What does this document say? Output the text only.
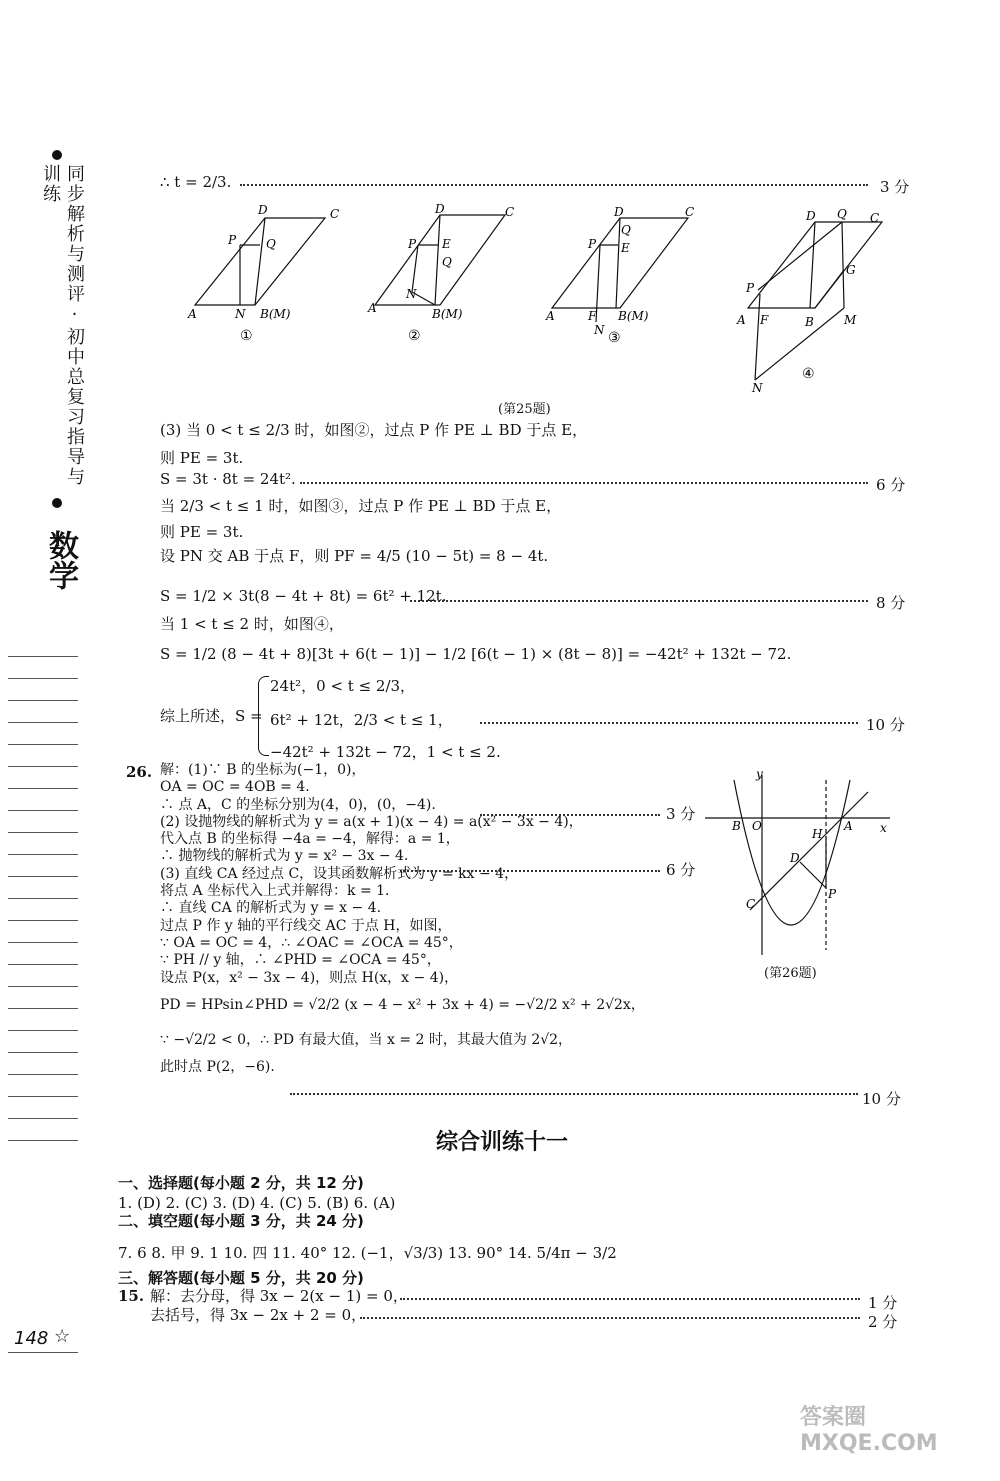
同步解析与测评·初中总复习指导与训练
数学
∴ t = 2/3.	3 分
A	N B(M)
D	C
P Q
①
A	B(M)
D	C
P E
Q
N
②
A	F
N
B(M)
D	C
P
Q
E
③
A F	B	M
D Q C
P
G
N
④
(第25题)
(3) 当 0 < t ≤ 2/3 时，如图②，过点 P 作 PE ⊥ BD 于点 E，
则 PE = 3t.
S = 3t · 8t = 24t².	6 分
当 2/3 < t ≤ 1 时，如图③，过点 P 作 PE ⊥ BD 于点 E，
则 PE = 3t.
设 PN 交 AB 于点 F，则 PF = 4/5 (10 − 5t) = 8 − 4t.
S = 1/2 × 3t(8 − 4t + 8t) = 6t² + 12t.	8 分
当 1 < t ≤ 2 时，如图④，
S = 1/2 (8 − 4t + 8)[3t + 6(t − 1)] − 1/2 [6(t − 1) × (8t − 8)] = −42t² + 132t − 72.
综上所述，S =
24t²，0 < t ≤ 2/3，
6t² + 12t，2/3 < t ≤ 1，
−42t² + 132t − 72，1 < t ≤ 2.
10 分
26. 解：(1)∵ B 的坐标为(−1，0)，
OA = OC = 4OB = 4.
∴ 点 A，C 的坐标分别为(4，0)，(0，−4).
(2) 设抛物线的解析式为 y = a(x + 1)(x − 4) = a(x² − 3x − 4)，
代入点 B 的坐标得 −4a = −4，解得：a = 1，
∴ 抛物线的解析式为 y = x² − 3x − 4.
(3) 直线 CA 经过点 C，设其函数解析式为 y = kx − 4，
将点 A 坐标代入上式并解得：k = 1.
∴ 直线 CA 的解析式为 y = x − 4.
过点 P 作 y 轴的平行线交 AC 于点 H，如图，
∵ OA = OC = 4，∴ ∠OAC = ∠OCA = 45°，
∵ PH // y 轴，∴ ∠PHD = ∠OCA = 45°，
设点 P(x，x² − 3x − 4)，则点 H(x，x − 4)，
PD = HPsin∠PHD = √2/2 (x − 4 − x² + 3x + 4) = −√2/2 x² + 2√2x，
∵ −√2/2 < 0，∴ PD 有最大值，当 x = 2 时，其最大值为 2√2，
此时点 P(2，−6).
3 分
6 分
10 分
y
x
B O	A
H
D
P
C
(第26题)
综合训练十一
一、选择题(每小题 2 分，共 12 分)
1. (D) 2. (C) 3. (D) 4. (C) 5. (B) 6. (A)
二、填空题(每小题 3 分，共 24 分)
7. 6 8. 甲 9. 1 10. 四 11. 40° 12. (−1，√3/3) 13. 90° 14. 5/4π − 3/2
三、解答题(每小题 5 分，共 20 分)
15. 解：去分母，得 3x − 2(x − 1) = 0，	1 分
去括号，得 3x − 2x + 2 = 0，	2 分
148 ☆
答案圈 MXQE.COM
